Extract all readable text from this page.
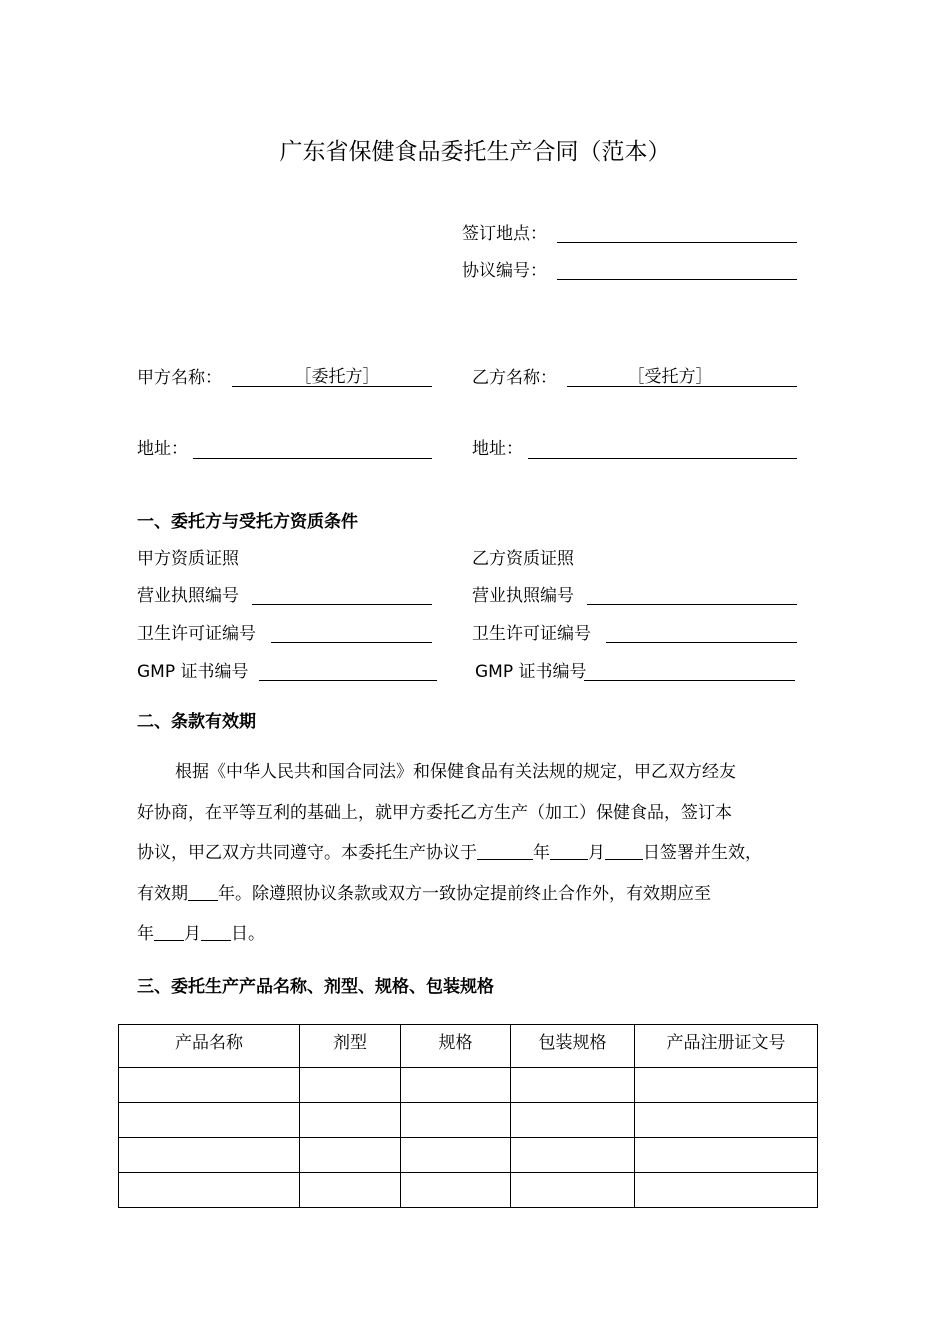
广东省保健食品委托生产合同（范本）
签订地点：
协议编号：
甲方名称：	［委托方］	乙方名称：	［受托方］
地址：	地址：
一、委托方与受托方资质条件
甲方资质证照	乙方资质证照
营业执照编号	营业执照编号
卫生许可证编号	卫生许可证编号
GMP 证书编号	GMP 证书编号
二、条款有效期
根据《中华人民共和国合同法》和保健食品有关法规的规定，甲乙双方经友
好协商，在平等互利的基础上，就甲方委托乙方生产（加工）保健食品，签订本
协议，甲乙双方共同遵守。本委托生产协议于	年 月 日签署并生效，
有效期 年。除遵照协议条款或双方一致协定提前终止合作外，有效期应至
年 月 日。
三、委托生产产品名称、剂型、规格、包装规格
产品名称	剂型	规格	包装规格	产品注册证文号
